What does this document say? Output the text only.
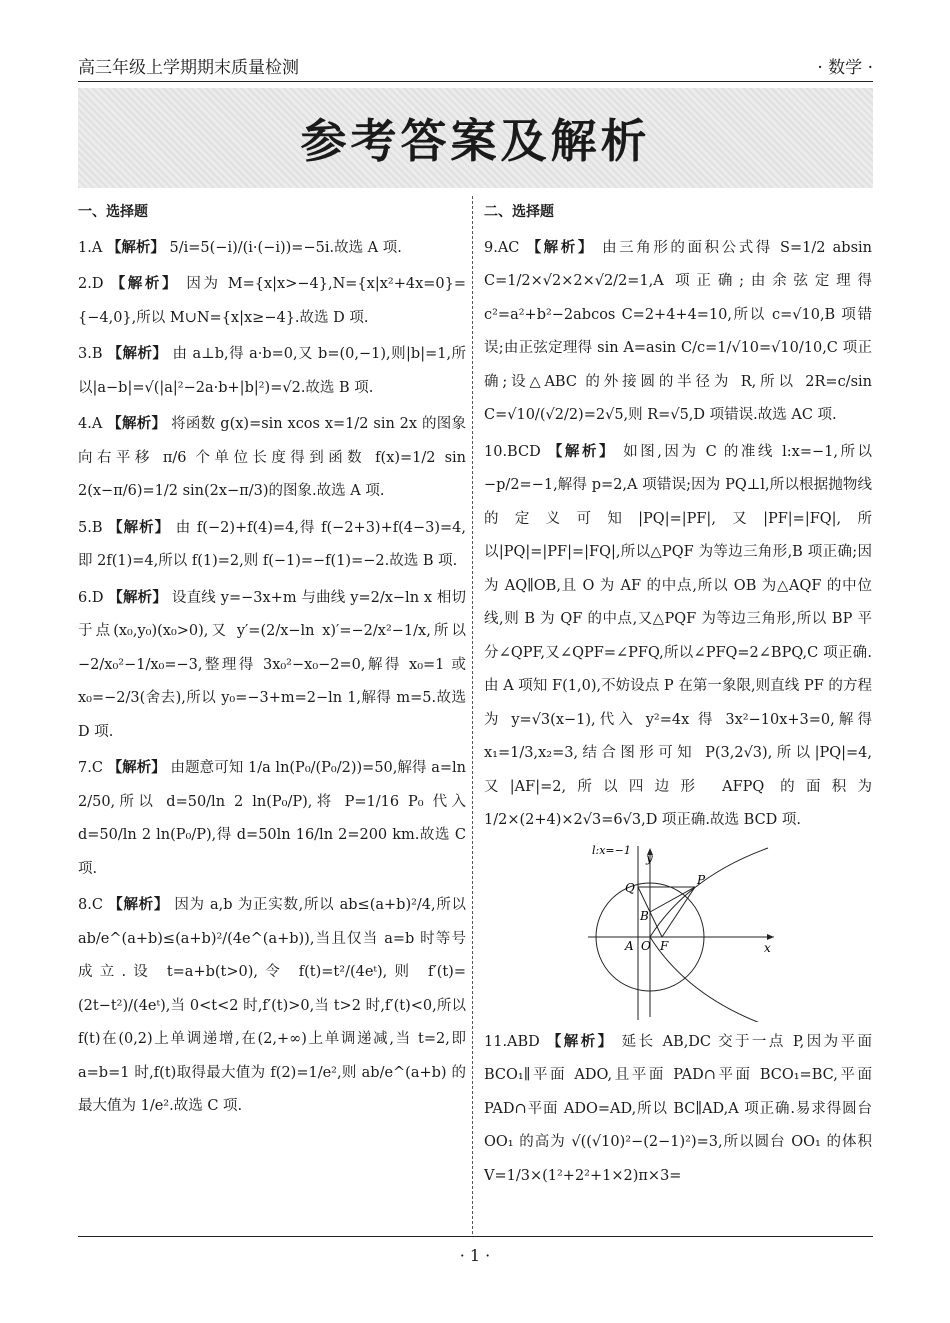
高三年级上学期期末质量检测	· 数学 ·
参考答案及解析
一、选择题
1.A 【解析】 5/i=5(−i)/(i·(−i))=−5i.故选 A 项.
2.D 【解析】 因为 M={x|x>−4},N={x|x²+4x=0}={−4,0},所以 M∪N={x|x≥−4}.故选 D 项.
3.B 【解析】 由 a⊥b,得 a·b=0,又 b=(0,−1),则|b|=1,所以|a−b|=√(|a|²−2a·b+|b|²)=√2.故选 B 项.
4.A 【解析】 将函数 g(x)=sin xcos x=1/2 sin 2x 的图象向右平移 π/6 个单位长度得到函数 f(x)=1/2 sin 2(x−π/6)=1/2 sin(2x−π/3)的图象.故选 A 项.
5.B 【解析】 由 f(−2)+f(4)=4,得 f(−2+3)+f(4−3)=4,即 2f(1)=4,所以 f(1)=2,则 f(−1)=−f(1)=−2.故选 B 项.
6.D 【解析】 设直线 y=−3x+m 与曲线 y=2/x−ln x 相切于点(x₀,y₀)(x₀>0),又 y′=(2/x−ln x)′=−2/x²−1/x,所以−2/x₀²−1/x₀=−3,整理得 3x₀²−x₀−2=0,解得 x₀=1 或 x₀=−2/3(舍去),所以 y₀=−3+m=2−ln 1,解得 m=5.故选 D 项.
7.C 【解析】 由题意可知 1/a ln(P₀/(P₀/2))=50,解得 a=ln 2/50,所以 d=50/ln 2 ln(P₀/P),将 P=1/16 P₀ 代入 d=50/ln 2 ln(P₀/P),得 d=50ln 16/ln 2=200 km.故选 C 项.
8.C 【解析】 因为 a,b 为正实数,所以 ab≤(a+b)²/4,所以 ab/e^(a+b)≤(a+b)²/(4e^(a+b)),当且仅当 a=b 时等号成立.设 t=a+b(t>0),令 f(t)=t²/(4eᵗ),则 f′(t)=(2t−t²)/(4eᵗ),当 0<t<2 时,f′(t)>0,当 t>2 时,f′(t)<0,所以 f(t)在(0,2)上单调递增,在(2,+∞)上单调递减,当 t=2,即 a=b=1 时,f(t)取得最大值为 f(2)=1/e²,则 ab/e^(a+b) 的最大值为 1/e².故选 C 项.
二、选择题
9.AC 【解析】 由三角形的面积公式得 S=1/2 absin C=1/2×√2×2×√2/2=1,A 项正确;由余弦定理得 c²=a²+b²−2abcos C=2+4+4=10,所以 c=√10,B 项错误;由正弦定理得 sin A=asin C/c=1/√10=√10/10,C 项正确;设△ABC 的外接圆的半径为 R,所以 2R=c/sin C=√10/(√2/2)=2√5,则 R=√5,D 项错误.故选 AC 项.
10.BCD 【解析】 如图,因为 C 的准线 l:x=−1,所以−p/2=−1,解得 p=2,A 项错误;因为 PQ⊥l,所以根据抛物线的定义可知|PQ|=|PF|,又|PF|=|FQ|,所以|PQ|=|PF|=|FQ|,所以△PQF 为等边三角形,B 项正确;因为 AQ∥OB,且 O 为 AF 的中点,所以 OB 为△AQF 的中位线,则 B 为 QF 的中点,又△PQF 为等边三角形,所以 BP 平分∠QPF,又∠QPF=∠PFQ,所以∠PFQ=2∠BPQ,C 项正确.由 A 项知 F(1,0),不妨设点 P 在第一象限,则直线 PF 的方程为 y=√3(x−1),代入 y²=4x 得 3x²−10x+3=0,解得 x₁=1/3,x₂=3,结合图形可知 P(3,2√3),所以|PQ|=4,又|AF|=2,所以四边形 AFPQ 的面积为 1/2×(2+4)×2√3=6√3,D 项正确.故选 BCD 项.
y
x
l:x=−1
P
Q
B
A O F
11.ABD 【解析】 延长 AB,DC 交于一点 P,因为平面 BCO₁∥平面 ADO,且平面 PAD∩平面 BCO₁=BC,平面 PAD∩平面 ADO=AD,所以 BC∥AD,A 项正确.易求得圆台 OO₁ 的高为 √((√10)²−(2−1)²)=3,所以圆台 OO₁ 的体积 V=1/3×(1²+2²+1×2)π×3=
· 1 ·
